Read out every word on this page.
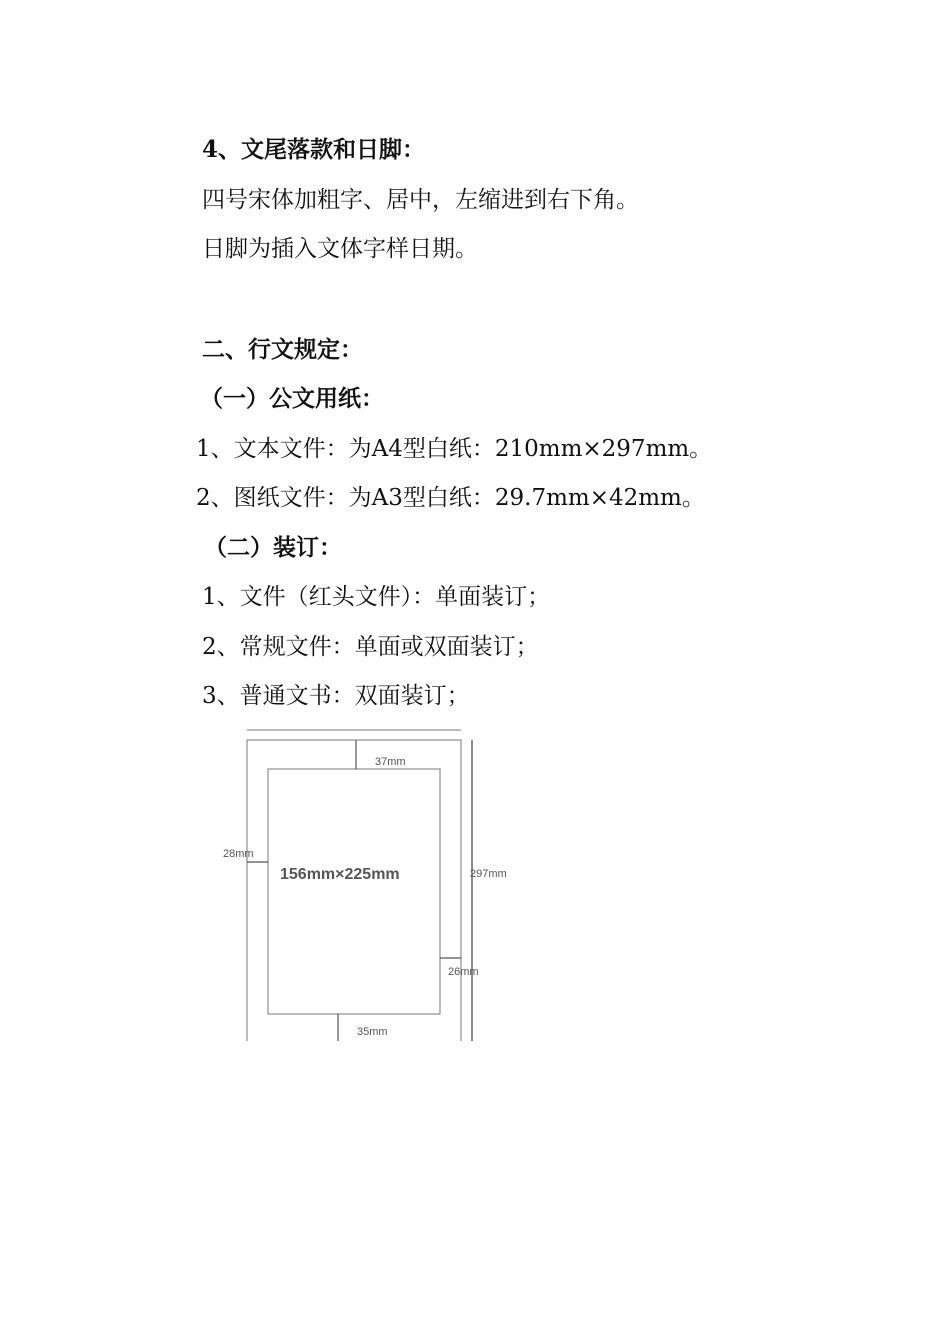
4、文尾落款和日脚：

四号宋体加粗字、居中，左缩进到右下角。

日脚为插入文体字样日期。

二、行文规定：

（一）公文用纸：

1、文本文件：为A4型白纸：210mm×297mm。

2、图纸文件：为A3型白纸：29.7mm×42mm。

（二）装订：

1、文件（红头文件）：单面装订；

2、常规文件：单面或双面装订；

3、普通文书：双面装订；

37mm
28mm
156mm×225mm	297mm
26mm
35mm
